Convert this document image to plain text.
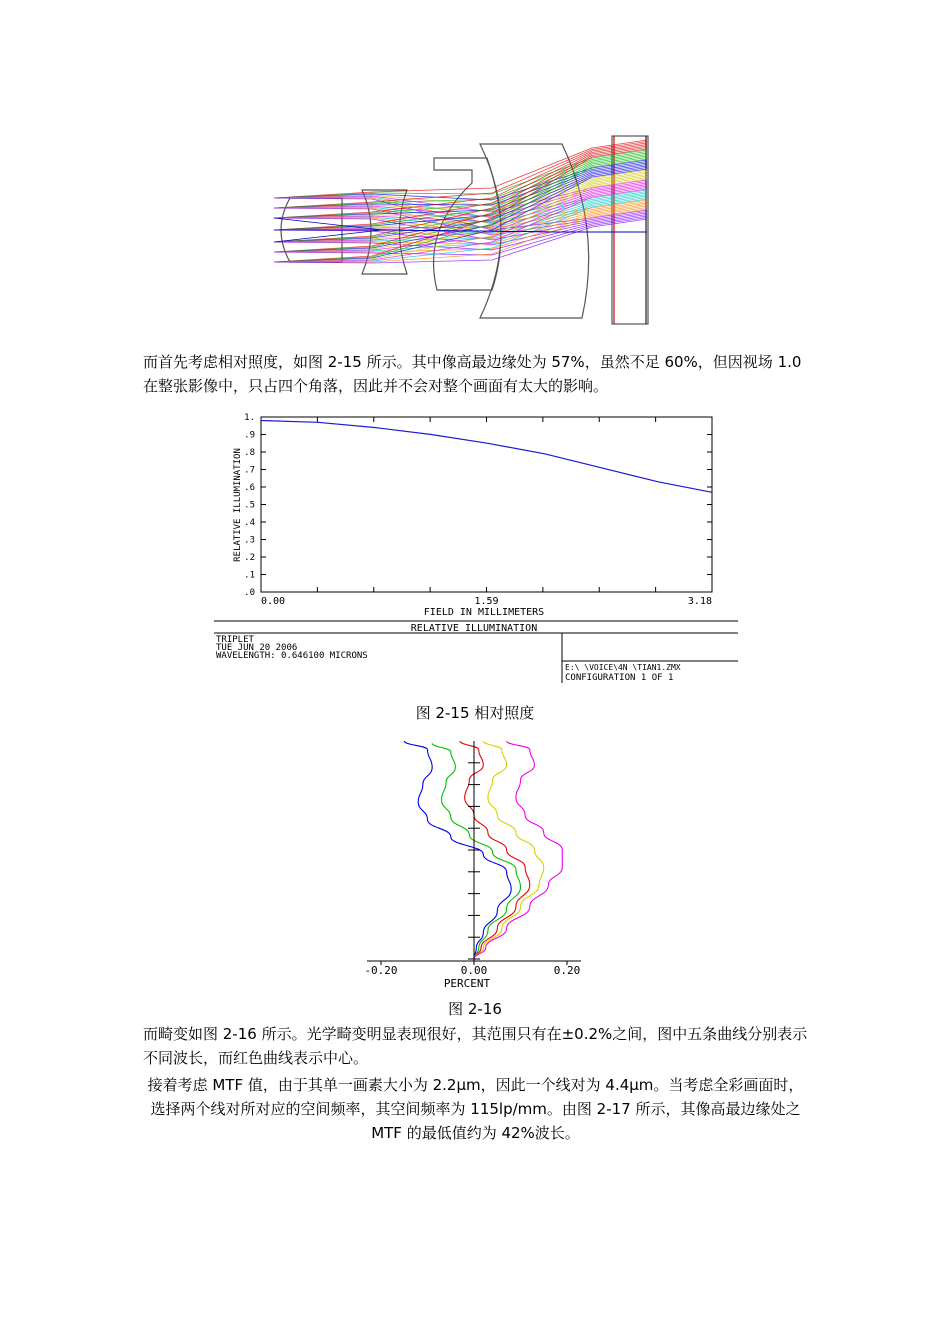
而首先考虑相对照度，如图 2-15 所示。其中像高最边缘处为 57%，虽然不足 60%，但因视场 1.0 在整张影像中，只占四个角落，因此并不会对整个画面有太大的影响。
.0
.1
.2
.3
.4
.5
.6
.7
.8
.9
1.
0.00	1.59	3.18
RELATIVE ILLUMINATION
FIELD IN MILLIMETERS
RELATIVE ILLUMINATION
TRIPLET
TUE JUN 20 2006
WAVELENGTH: 0.646100 MICRONS
E:\ \VOICE\4N \TIAN1.ZMX
CONFIGURATION 1 OF 1
图 2-15 相对照度
-0.20	0.00	0.20
PERCENT
图 2-16
而畸变如图 2-16 所示。光学畸变明显表现很好，其范围只有在±0.2%之间，图中五条曲线分别表示不同波长，而红色曲线表示中心。
接着考虑 MTF 值，由于其单一画素大小为 2.2μm，因此一个线对为 4.4μm。当考虑全彩画面时，选择两个线对所对应的空间频率，其空间频率为 115lp/mm。由图 2-17 所示，其像高最边缘处之 MTF 的最低值约为 42%波长。
